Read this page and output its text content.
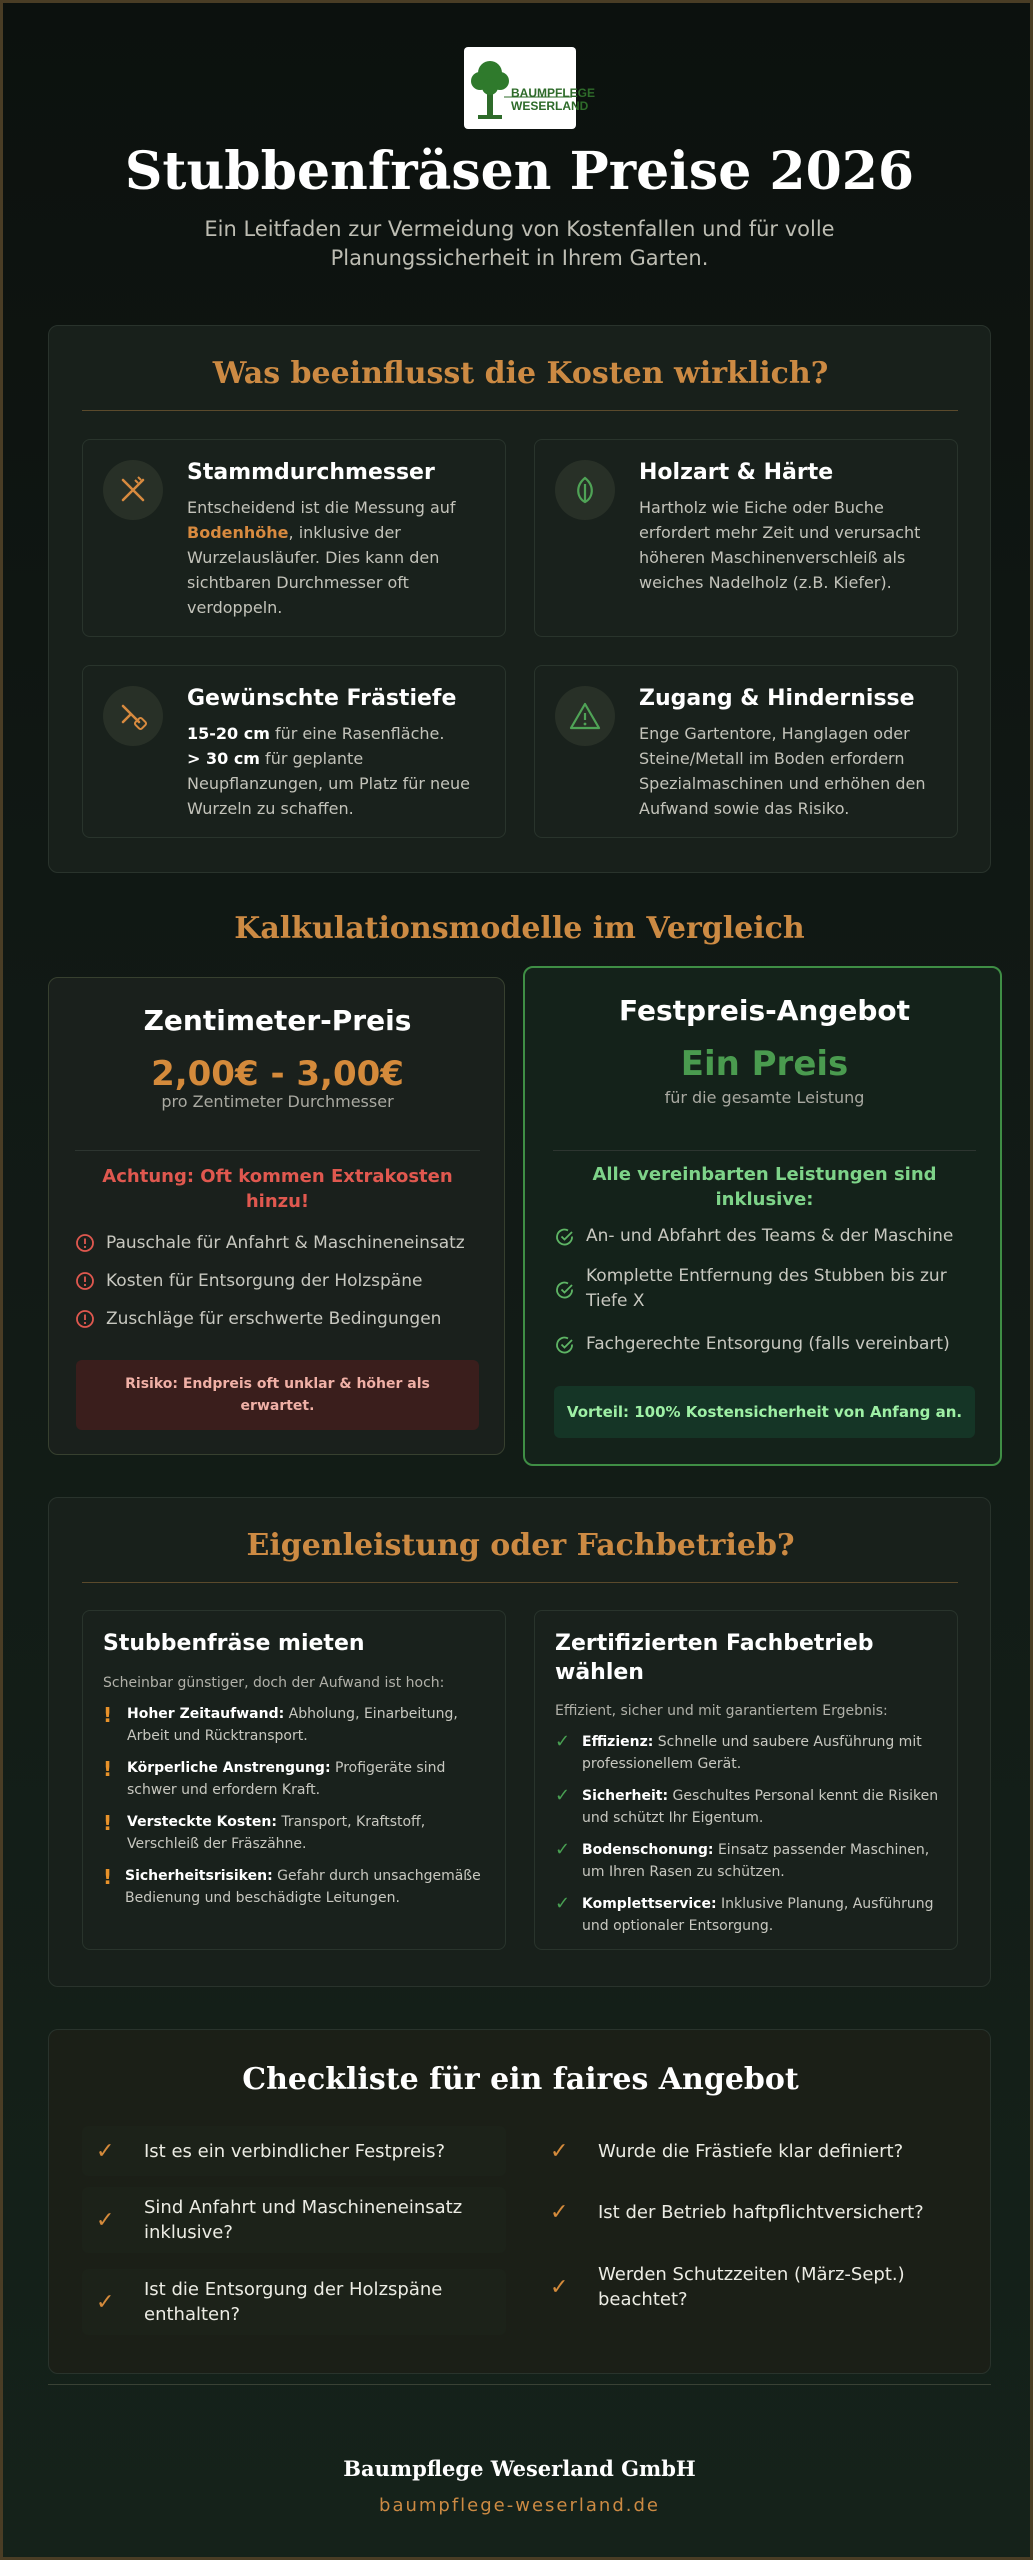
BAUMPFLEGE
WESERLAND
Stubbenfräsen Preise 2026
Ein Leitfaden zur Vermeidung von Kostenfallen und für volle Planungssicherheit in Ihrem Garten.
Was beeinflusst die Kosten wirklich?
Stammdurchmesser
Entscheidend ist die Messung auf Bodenhöhe, inklusive der Wurzelausläufer. Dies kann den sichtbaren Durchmesser oft verdoppeln.
Holzart & Härte
Hartholz wie Eiche oder Buche erfordert mehr Zeit und verursacht höheren Maschinenverschleiß als weiches Nadelholz (z.B. Kiefer).
Gewünschte Frästiefe
15-20 cm für eine Rasenfläche.
> 30 cm für geplante Neupflanzungen, um Platz für neue Wurzeln zu schaffen.
Zugang & Hindernisse
Enge Gartentore, Hanglagen oder Steine/Metall im Boden erfordern Spezialmaschinen und erhöhen den Aufwand sowie das Risiko.
Kalkulationsmodelle im Vergleich
Zentimeter-Preis
2,00€ - 3,00€
pro Zentimeter Durchmesser
Achtung: Oft kommen Extrakosten hinzu!
Pauschale für Anfahrt & Maschineneinsatz
Kosten für Entsorgung der Holzspäne
Zuschläge für erschwerte Bedingungen
Risiko: Endpreis oft unklar & höher als erwartet.
Festpreis-Angebot
Ein Preis
für die gesamte Leistung
Alle vereinbarten Leistungen sind inklusive:
An- und Abfahrt des Teams & der Maschine
Komplette Entfernung des Stubben bis zur Tiefe X
Fachgerechte Entsorgung (falls vereinbart)
Vorteil: 100% Kostensicherheit von Anfang an.
Eigenleistung oder Fachbetrieb?
Stubbenfräse mieten
Scheinbar günstiger, doch der Aufwand ist hoch:
!	Hoher Zeitaufwand: Abholung, Einarbeitung, Arbeit und Rücktransport.
!	Körperliche Anstrengung: Profigeräte sind schwer und erfordern Kraft.
!	Versteckte Kosten: Transport, Kraftstoff, Verschleiß der Fräszähne.
! Sicherheitsrisiken: Gefahr durch unsachgemäße Bedienung und beschädigte Leitungen.
Zertifizierten Fachbetrieb wählen
Effizient, sicher und mit garantiertem Ergebnis:
✓ Effizienz: Schnelle und saubere Ausführung mit professionellem Gerät.
✓ Sicherheit: Geschultes Personal kennt die Risiken und schützt Ihr Eigentum.
✓ Bodenschonung: Einsatz passender Maschinen, um Ihren Rasen zu schützen.
✓ Komplettservice: Inklusive Planung, Ausführung und optionaler Entsorgung.
Checkliste für ein faires Angebot
✓	Ist es ein verbindlicher Festpreis?
✓	Sind Anfahrt und Maschineneinsatz inklusive?
✓	Ist die Entsorgung der Holzspäne enthalten?
✓	Wurde die Frästiefe klar definiert?
✓	Ist der Betrieb haftpflichtversichert?
✓	Werden Schutzzeiten (März-Sept.) beachtet?
Baumpflege Weserland GmbH
baumpflege-weserland.de
